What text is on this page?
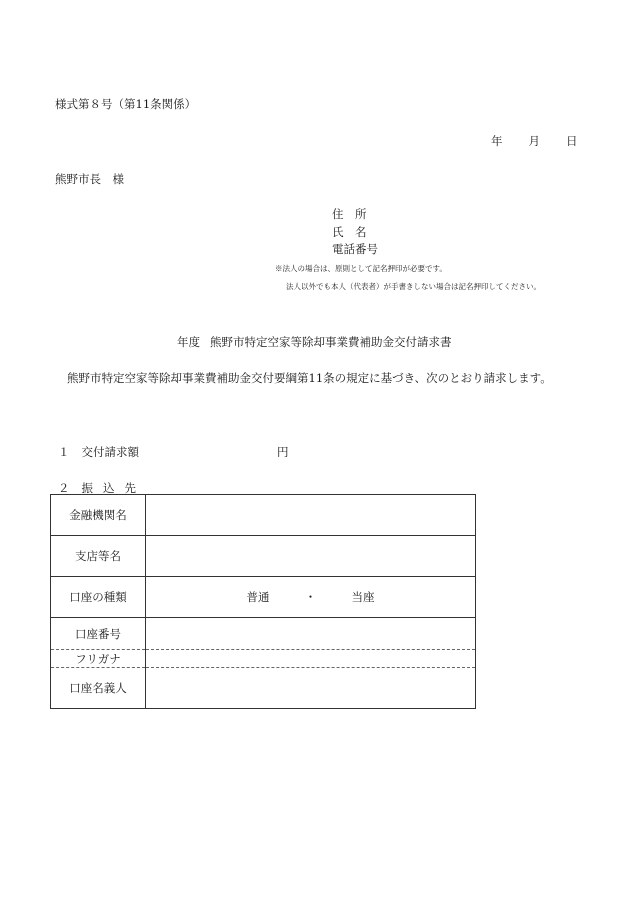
様式第８号（第11条関係）
年 月 日
熊野市長　様
住　所
氏　名
電話番号
※法人の場合は、原則として記名押印が必要です。
法人以外でも本人（代表者）が手書きしない場合は記名押印してください。
年度 熊野市特定空家等除却事業費補助金交付請求書
熊野市特定空家等除却事業費補助金交付要綱第11条の規定に基づき、次のとおり請求します。
１ 交付請求額	円
２ 振込先
金融機関名	
支店等名	
口座の種類	普通 ・ 当座
口座番号	
フリガナ	
口座名義人	
